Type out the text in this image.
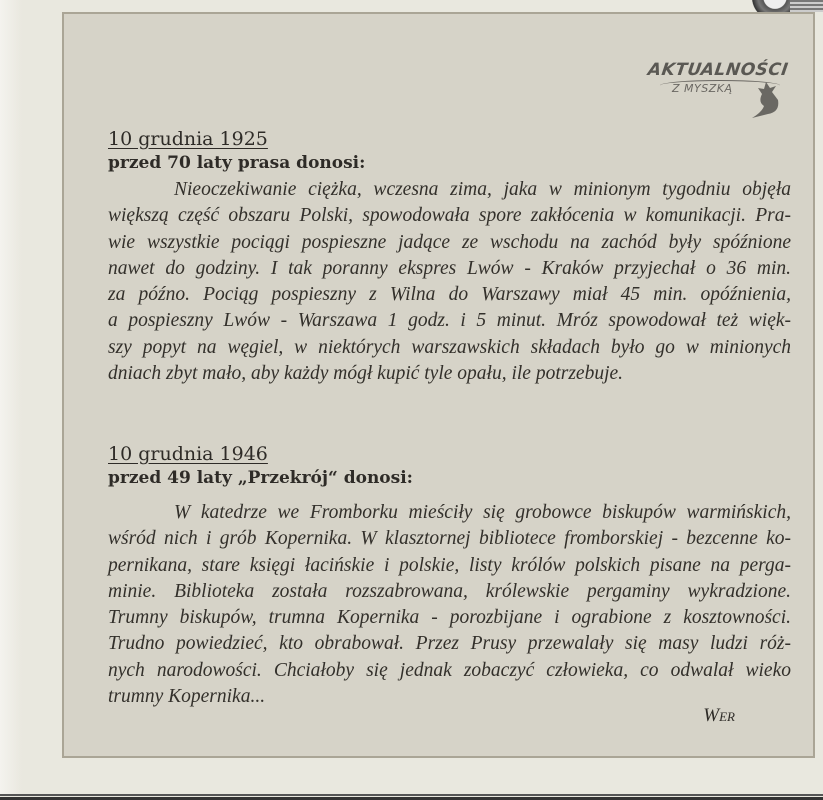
AKTUALNOŚCI
Z MYSZKĄ
10 grudnia 1925
przed 70 laty prasa donosi:
Nieoczekiwanie ciężka, wczesna zima, jaka w minionym tygodniu objęła
większą część obszaru Polski, spowodowała spore zakłócenia w komunikacji. Pra-
wie wszystkie pociągi pospieszne jadące ze wschodu na zachód były spóźnione
nawet do godziny. I tak poranny ekspres Lwów - Kraków przyjechał o 36 min.
za późno. Pociąg pospieszny z Wilna do Warszawy miał 45 min. opóźnienia,
a pospieszny Lwów - Warszawa 1 godz. i 5 minut. Mróz spowodował też więk-
szy popyt na węgiel, w niektórych warszawskich składach było go w minionych
dniach zbyt mało, aby każdy mógł kupić tyle opału, ile potrzebuje.
10 grudnia 1946
przed 49 laty „Przekrój“ donosi:
W katedrze we Fromborku mieściły się grobowce biskupów warmińskich,
wśród nich i grób Kopernika. W klasztornej bibliotece fromborskiej - bezcenne ko-
pernikana, stare księgi łacińskie i polskie, listy królów polskich pisane na perga-
minie. Biblioteka została rozszabrowana, królewskie pergaminy wykradzione.
Trumny biskupów, trumna Kopernika - porozbijane i ograbione z kosztowności.
Trudno powiedzieć, kto obrabował. Przez Prusy przewalały się masy ludzi róż-
nych narodowości. Chciałoby się jednak zobaczyć człowieka, co odwalał wieko
trumny Kopernika...
Wer
